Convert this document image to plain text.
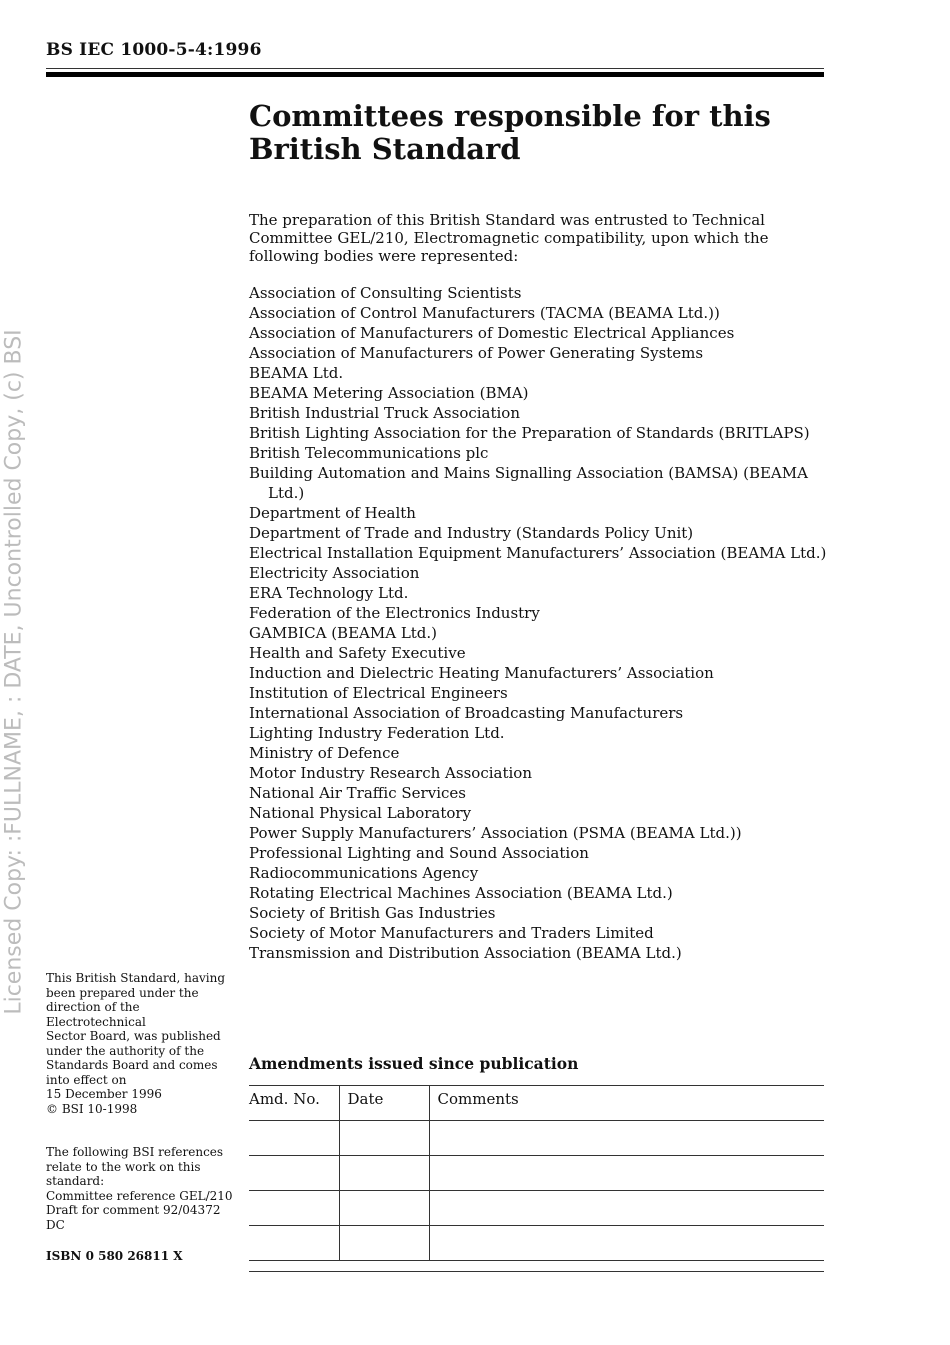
BS IEC 1000-5-4:1996
Licensed Copy: :FULLNAME, : DATE, Uncontrolled Copy, (c) BSI
Committees responsible for this
British Standard

The preparation of this British Standard was entrusted to Technical Committee GEL/210, Electromagnetic compatibility, upon which the following bodies were represented:

Association of Consulting Scientists
Association of Control Manufacturers (TACMA (BEAMA Ltd.))
Association of Manufacturers of Domestic Electrical Appliances
Association of Manufacturers of Power Generating Systems
BEAMA Ltd.
BEAMA Metering Association (BMA)
British Industrial Truck Association
British Lighting Association for the Preparation of Standards (BRITLAPS)
British Telecommunications plc
Building Automation and Mains Signalling Association (BAMSA) (BEAMA Ltd.)
Department of Health
Department of Trade and Industry (Standards Policy Unit)
Electrical Installation Equipment Manufacturers’ Association (BEAMA Ltd.)
Electricity Association
ERA Technology Ltd.
Federation of the Electronics Industry
GAMBICA (BEAMA Ltd.)
Health and Safety Executive
Induction and Dielectric Heating Manufacturers’ Association
Institution of Electrical Engineers
International Association of Broadcasting Manufacturers
Lighting Industry Federation Ltd.
Ministry of Defence
Motor Industry Research Association
National Air Traffic Services
National Physical Laboratory
Power Supply Manufacturers’ Association (PSMA (BEAMA Ltd.))
Professional Lighting and Sound Association
Radiocommunications Agency
Rotating Electrical Machines Association (BEAMA Ltd.)
Society of British Gas Industries
Society of Motor Manufacturers and Traders Limited
Transmission and Distribution Association (BEAMA Ltd.)
This British Standard, having
been prepared under the
direction of the Electrotechnical
Sector Board, was published
under the authority of the
Standards Board and comes
into effect on
15 December 1996
© BSI 10-1998
The following BSI references
relate to the work on this
standard:
Committee reference GEL/210
Draft for comment 92/04372 DC
ISBN 0 580 26811 X
Amendments issued since publication
Amd. No.	Date	Comments
